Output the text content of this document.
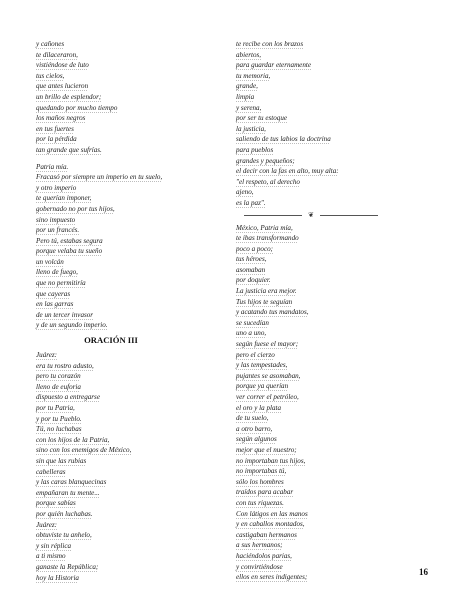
y cañones
te dilaceraron,
vistiéndose de luto
tus cielos,
que antes lucieron
un brillo de esplendor;
quedando por mucho tiempo
los maños negros
en tus fuertes
por la pérdida
tan grande que sufrías.
Patria mía.
Fracasó por siempre un imperio en tu suelo,
y otro imperio
te querían imponer,
gobernado no por tus hijos,
sino impuesto
por un francés.
Pero tú, estabas segura
porque velaba tu sueño
un volcán
lleno de fuego,
que no permitiría
que cayeras
en las garras
de un tercer invasor
y de un segundo imperio.
ORACIÓN III
Juárez:
era tu rostro adusto,
pero tu corazón
lleno de euforia
dispuesto a entregarse
por tu Patria,
y por tu Pueblo.
Tú, no luchabas
con los hijos de la Patria,
sino con los enemigos de México,
sin que las rubias
cabelleras
y las caras blanquecinas
empañaran tu mente...
porque sabías
por quién luchabas.
Juárez:
obtuviste tu anhelo,
y sin réplica
a ti mismo
ganaste la República;
hoy la Historia
te recibe con los brazos
abiertos,
para guardar eternamente
tu memoria,
grande,
limpia
y serena,
por ser tu estoque
la justicia,
saliendo de tus labios la doctrina
para pueblos
grandes y pequeños;
el decir con la fas en alto, muy alta:
"el respeto, al derecho
ajeno,
es la paz".
❦
México, Patria mía,
te ibas transformando
poco a poco;
tus héroes,
asomaban
por doquier.
La justicia era mejor.
Tus hijos te seguían
y acatando tus mandatos,
se sucedían
uno a uno,
según fuese el mayor;
pero el cierzo
y las tempestades,
pujantes se asomaban,
porque ya querían
ver correr el petróleo,
el oro y la plata
de tu suelo,
a otro barro,
según algunos
mejor que el nuestro;
no importaban tus hijos,
no importabas tú,
sólo los hombres
traídos para acabar
con tus riquezas.
Con látigos en las manos
y en caballos montados,
castigaban hermanos
a sus hermanos;
haciéndolos parias,
y convirtiéndose
ellos en seres indigentes;
16
